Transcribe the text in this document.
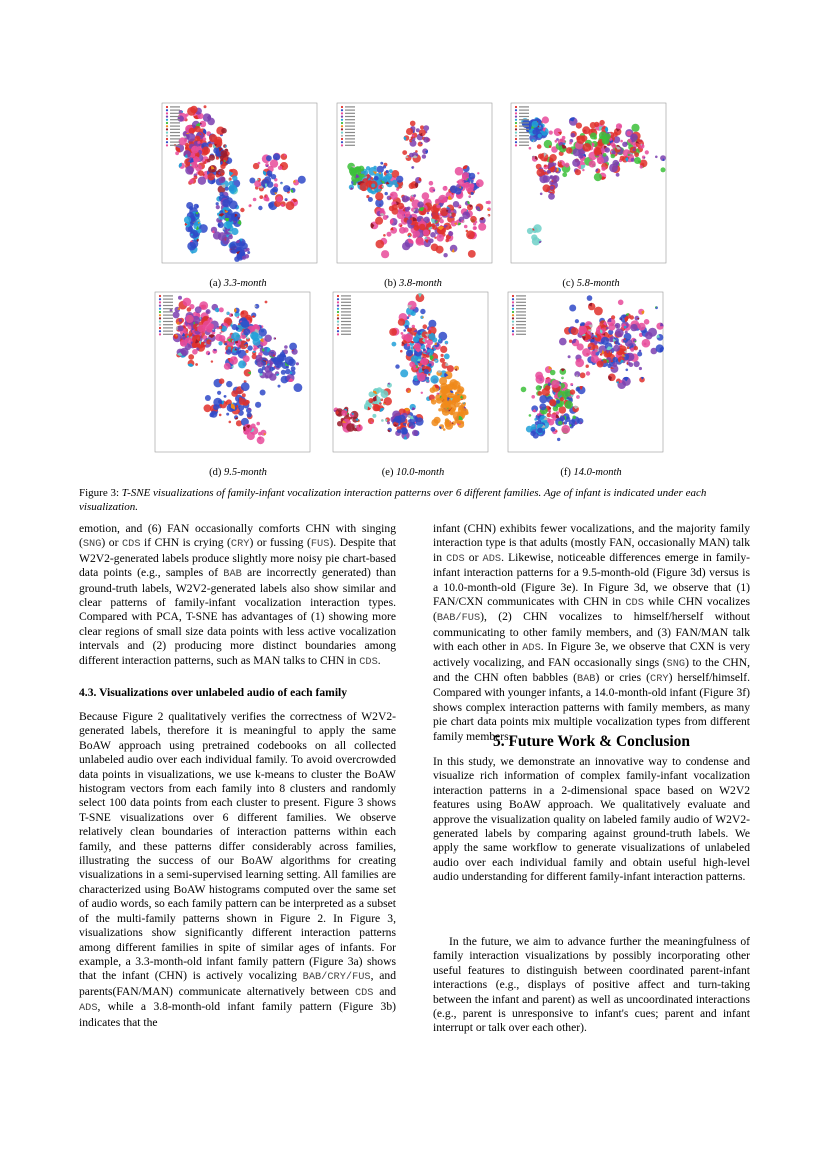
(a) 3.3-month	(b) 3.8-month	(c) 5.8-month
(d) 9.5-month	(e) 10.0-month	(f) 14.0-month
Figure 3: T-SNE visualizations of family-infant vocalization interaction patterns over 6 different families. Age of infant is indicated under each visualization.

emotion, and (6) FAN occasionally comforts CHN with singing (SNG) or CDS if CHN is crying (CRY) or fussing (FUS). Despite that W2V2-generated labels produce slightly more noisy pie chart-based data points (e.g., samples of BAB are incorrectly generated) than ground-truth labels, W2V2-generated labels also show similar and clear patterns of family-infant vocalization interaction types. Compared with PCA, T-SNE has advantages of (1) showing more clear regions of small size data points with less active vocalization intervals and (2) producing more distinct boundaries among different interaction patterns, such as MAN talks to CHN in CDS.

4.3. Visualizations over unlabeled audio of each family

Because Figure 2 qualitatively verifies the correctness of W2V2-generated labels, therefore it is meaningful to apply the same BoAW approach using pretrained codebooks on all collected unlabeled audio over each individual family. To avoid overcrowded data points in visualizations, we use k-means to cluster the BoAW histogram vectors from each family into 8 clusters and randomly select 100 data points from each cluster to present. Figure 3 shows T-SNE visualizations over 6 different families. We observe relatively clean boundaries of interaction patterns within each family, and these patterns differ considerably across families, illustrating the success of our BoAW algorithms for creating visualizations in a semi-supervised learning setting. All families are characterized using BoAW histograms computed over the same set of audio words, so each family pattern can be interpreted as a subset of the multi-family patterns shown in Figure 2. In Figure 3, visualizations show significantly different interaction patterns among different families in spite of similar ages of infants. For example, a 3.3-month-old infant family pattern (Figure 3a) shows that the infant (CHN) is actively vocalizing BAB/CRY/FUS, and parents(FAN/MAN) communicate alternatively between CDS and ADS, while a 3.8-month-old infant family pattern (Figure 3b) indicates that the

infant (CHN) exhibits fewer vocalizations, and the majority family interaction type is that adults (mostly FAN, occasionally MAN) talk in CDS or ADS. Likewise, noticeable differences emerge in family-infant interaction patterns for a 9.5-month-old (Figure 3d) versus is a 10.0-month-old (Figure 3e). In Figure 3d, we observe that (1) FAN/CXN communicates with CHN in CDS while CHN vocalizes (BAB/FUS), (2) CHN vocalizes to himself/herself without communicating to other family members, and (3) FAN/MAN talk with each other in ADS. In Figure 3e, we observe that CXN is very actively vocalizing, and FAN occasionally sings (SNG) to the CHN, and the CHN often babbles (BAB) or cries (CRY) herself/himself. Compared with younger infants, a 14.0-month-old infant (Figure 3f) shows complex interaction patterns with family members, as many pie chart data points mix multiple vocalization types from different family members.

5. Future Work & Conclusion

In this study, we demonstrate an innovative way to condense and visualize rich information of complex family-infant vocalization interaction patterns in a 2-dimensional space based on W2V2 features using BoAW approach. We qualitatively evaluate and approve the visualization quality on labeled family audio of W2V2-generated labels by comparing against ground-truth labels. We apply the same workflow to generate visualizations of unlabeled audio over each individual family and obtain useful high-level audio understanding for different family-infant interaction patterns.

In the future, we aim to advance further the meaningfulness of family interaction visualizations by possibly incorporating other useful features to distinguish between coordinated parent-infant interactions (e.g., displays of positive affect and turn-taking between the infant and parent) as well as uncoordinated interactions (e.g., parent is unresponsive to infant's cues; parent and infant interrupt or talk over each other).
